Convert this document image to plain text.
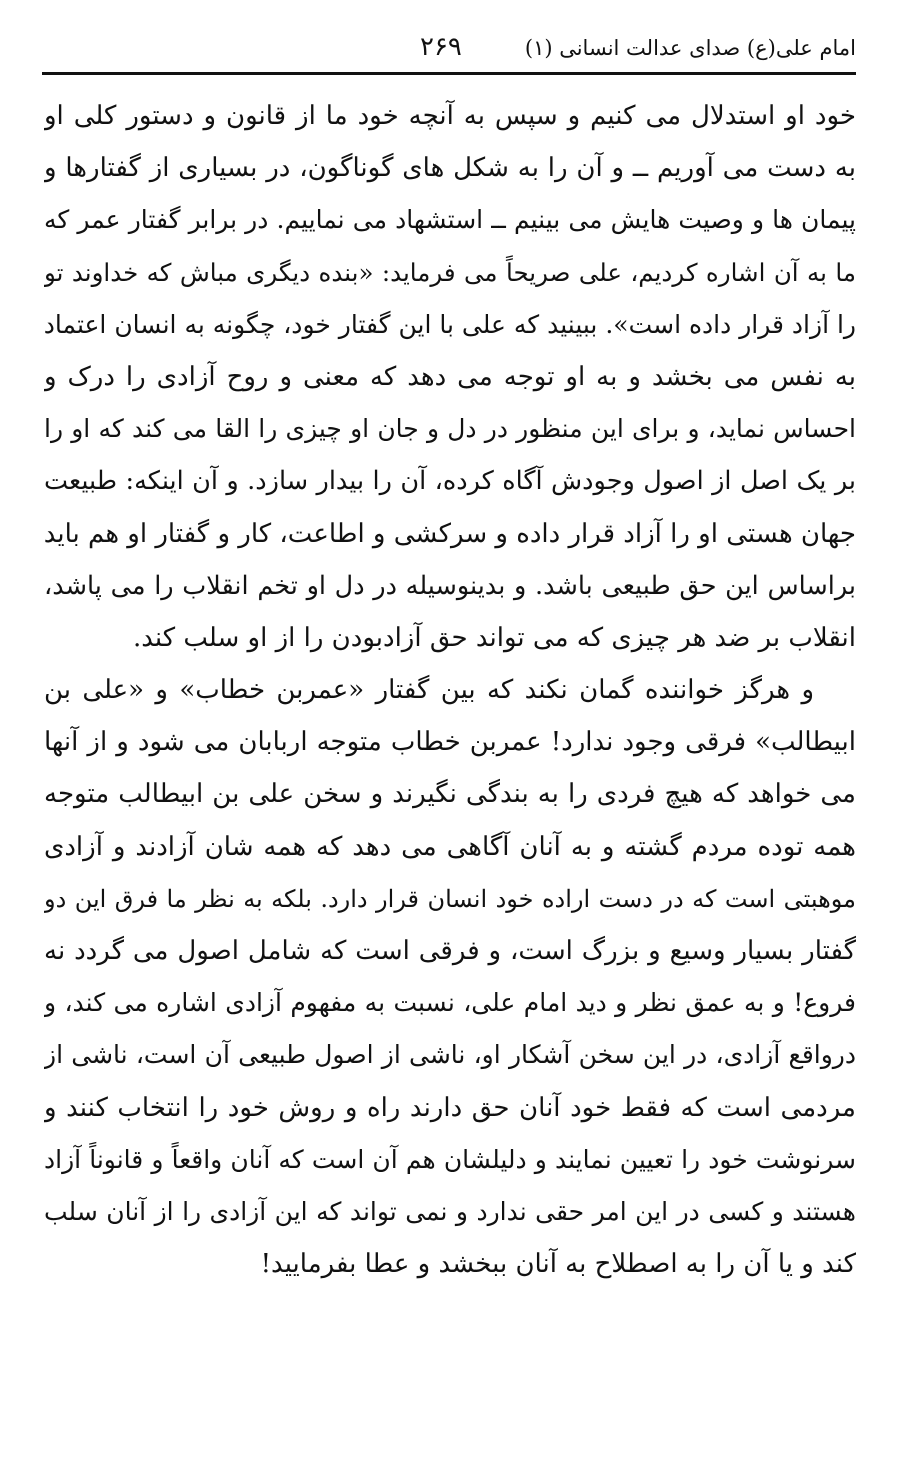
امام علی(ع) صدای عدالت انسانی (۱)
۲۶۹
خود او استدلال می کنیم و سپس به آنچه خود ما از قانون و دستور کلی او
به دست می آوریم ــ و آن را به شکل های گوناگون، در بسیاری از گفتارها و
پیمان ها و وصیت هایش می بینیم ــ استشهاد می نماییم. در برابر گفتار عمر که
ما به آن اشاره کردیم، علی صریحاً می فرماید: «بنده دیگری مباش که خداوند تو
را آزاد قرار داده است». ببینید که علی با این گفتار خود، چگونه به انسان اعتماد
به نفس می بخشد و به او توجه می دهد که معنی و روح آزادی را درک و
احساس نماید، و برای این منظور در دل و جان او چیزی را القا می کند که او را
بر یک اصل از اصول وجودش آگاه کرده، آن را بیدار سازد. و آن اینکه: طبیعت
جهان هستی او را آزاد قرار داده و سرکشی و اطاعت، کار و گفتار او هم باید
براساس این حق طبیعی باشد. و بدینوسیله در دل او تخم انقلاب را می پاشد،
انقلاب بر ضد هر چیزی که می تواند حق آزادبودن را از او سلب کند.
و هرگز خواننده گمان نکند که بین گفتار «عمربن خطاب» و «علی بن
ابیطالب» فرقی وجود ندارد! عمربن خطاب متوجه اربابان می شود و از آنها
می خواهد که هیچ فردی را به بندگی نگیرند و سخن علی بن ابیطالب متوجه
همه توده مردم گشته و به آنان آگاهی می دهد که همه شان آزادند و آزادی
موهبتی است که در دست اراده خود انسان قرار دارد. بلکه به نظر ما فرق این دو
گفتار بسیار وسیع و بزرگ است، و فرقی است که شامل اصول می گردد نه
فروع! و به عمق نظر و دید امام علی، نسبت به مفهوم آزادی اشاره می کند، و
درواقع آزادی، در این سخن آشکار او، ناشی از اصول طبیعی آن است، ناشی از
مردمی است که فقط خود آنان حق دارند راه و روش خود را انتخاب کنند و
سرنوشت خود را تعیین نمایند و دلیلشان هم آن است که آنان واقعاً و قانوناً آزاد
هستند و کسی در این امر حقی ندارد و نمی تواند که این آزادی را از آنان سلب
کند و یا آن را به اصطلاح به آنان ببخشد و عطا بفرمایید!
